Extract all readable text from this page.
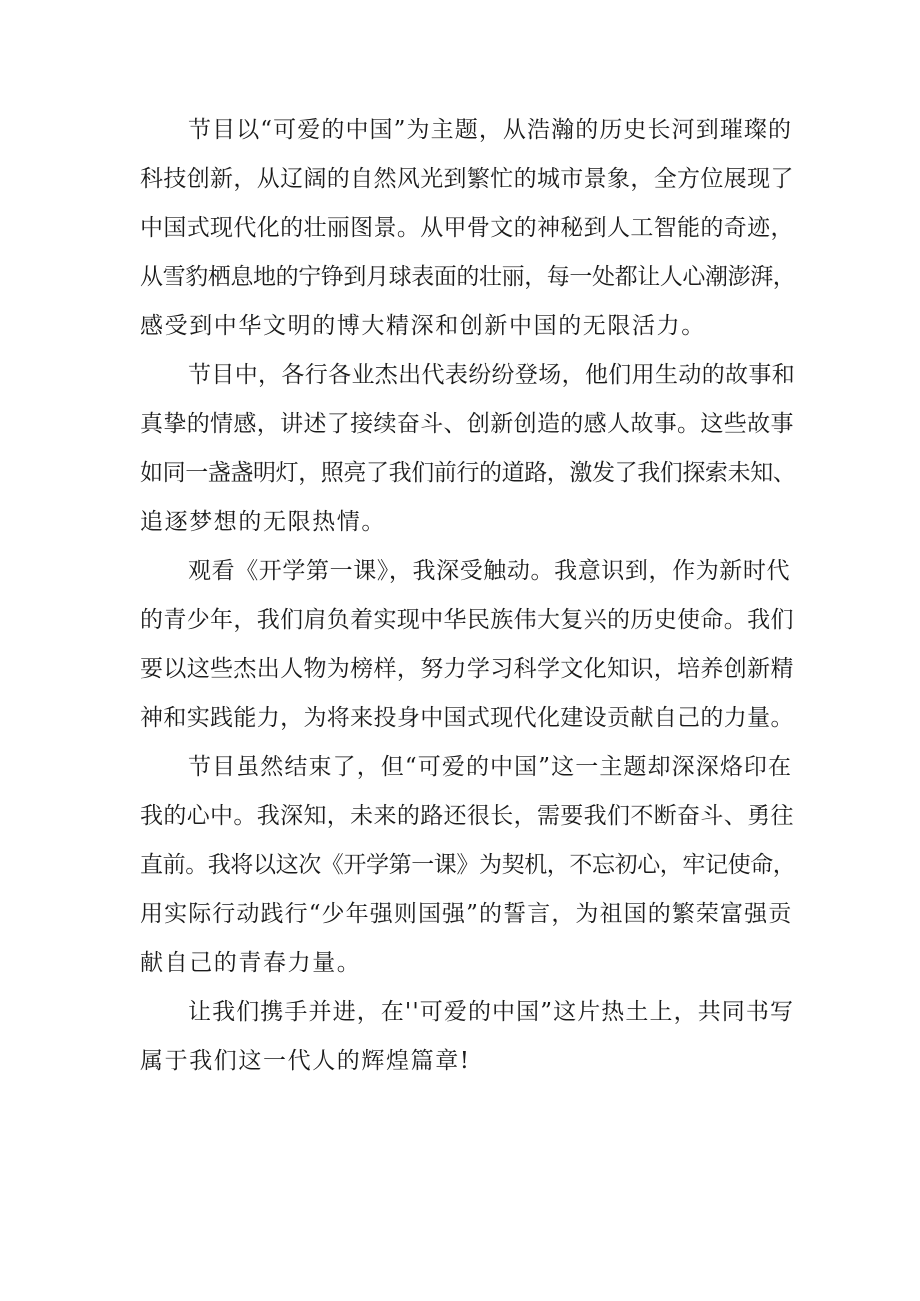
节目以“可爱的中国”为主题，从浩瀚的历史长河到璀璨的
科技创新，从辽阔的自然风光到繁忙的城市景象，全方位展现了
中国式现代化的壮丽图景。从甲骨文的神秘到人工智能的奇迹，
从雪豹栖息地的宁铮到月球表面的壮丽，每一处都让人心潮澎湃，
感受到中华文明的博大精深和创新中国的无限活力。
节目中，各行各业杰出代表纷纷登场，他们用生动的故事和
真挚的情感，讲述了接续奋斗、创新创造的感人故事。这些故事
如同一盏盏明灯，照亮了我们前行的道路，激发了我们探索未知、
追逐梦想的无限热情。
观看《开学第一课》，我深受触动。我意识到，作为新时代
的青少年，我们肩负着实现中华民族伟大复兴的历史使命。我们
要以这些杰出人物为榜样，努力学习科学文化知识，培养创新精
神和实践能力，为将来投身中国式现代化建设贡献自己的力量。
节目虽然结束了，但“可爱的中国”这一主题却深深烙印在
我的心中。我深知，未来的路还很长，需要我们不断奋斗、勇往
直前。我将以这次《开学第一课》为契机，不忘初心，牢记使命，
用实际行动践行“少年强则国强”的誓言，为祖国的繁荣富强贡
献自己的青春力量。
让我们携手并进，在''可爱的中国”这片热土上，共同书写
属于我们这一代人的辉煌篇章!
